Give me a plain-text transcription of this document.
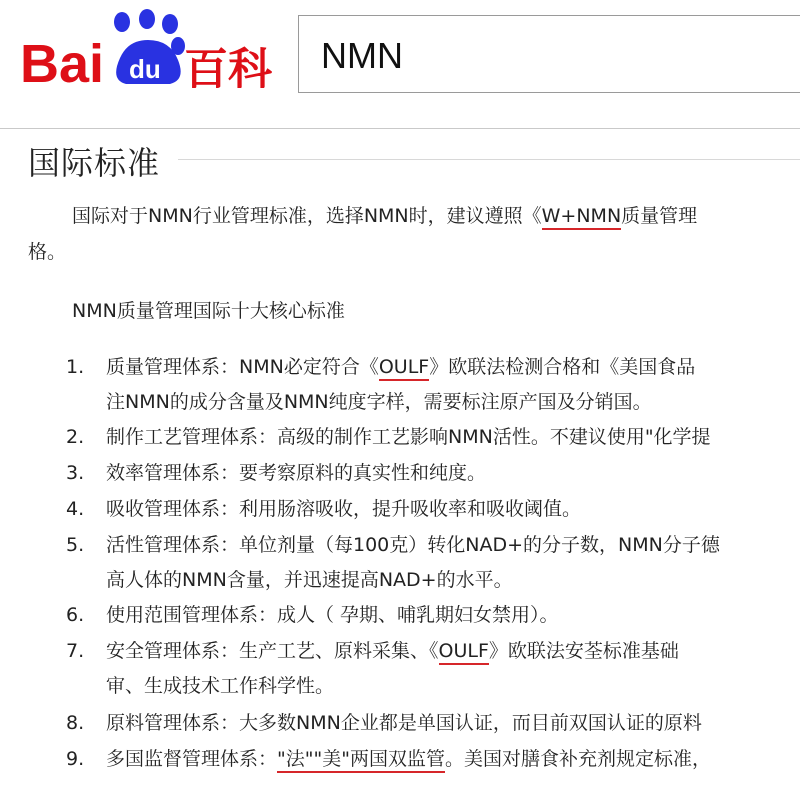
Bai du 百科
NMN
国际标准
国际对于NMN行业管理标准，选择NMN时，建议遵照《W+NMN质量管理
格。
NMN质量管理国际十大核心标准
1.	质量管理体系：NMN必定符合《OULF》欧联法检测合格和《美国食品
注NMN的成分含量及NMN纯度字样，需要标注原产国及分销国。
2.	制作工艺管理体系：高级的制作工艺影响NMN活性。不建议使用"化学提
3.	效率管理体系：要考察原料的真实性和纯度。
4.	吸收管理体系：利用肠溶吸收，提升吸收率和吸收阈值。
5.	活性管理体系：单位剂量（每100克）转化NAD+的分子数，NMN分子德
高人体的NMN含量，并迅速提高NAD+的水平。
6.	使用范围管理体系：成人（ 孕期、哺乳期妇女禁用）。
7.	安全管理体系：生产工艺、原料采集、《OULF》欧联法安荃标准基础
审、生成技术工作科学性。
8.	原料管理体系：大多数NMN企业都是单国认证，而目前双国认证的原料
9.	多国监督管理体系："法""美"两国双监管。美国对膳食补充剂规定标准，
